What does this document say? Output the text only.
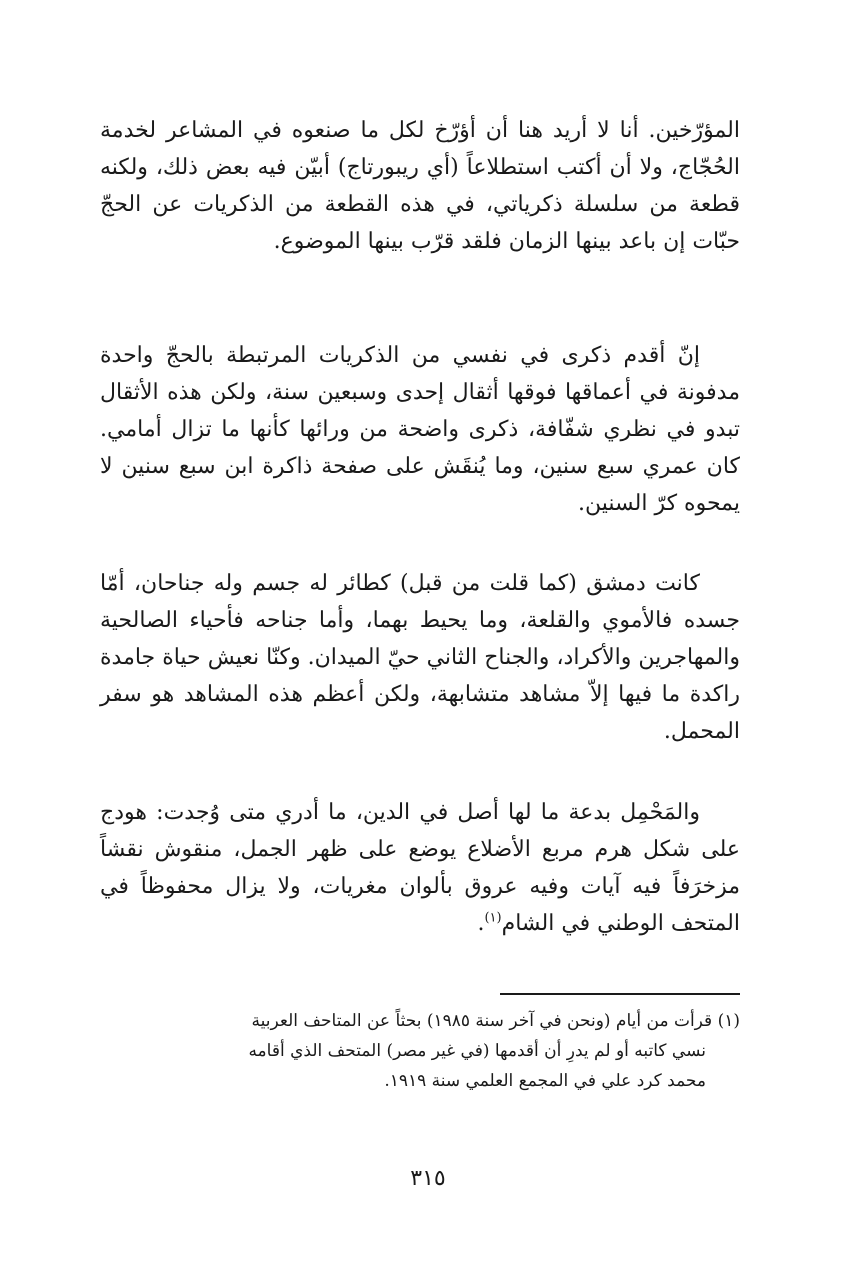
المؤرّخين. أنا لا أريد هنا أن أؤرّخ لكل ما صنعوه في المشاعر لخدمة الحُجّاج، ولا أن أكتب استطلاعاً (أي ريبورتاج) أبيّن فيه بعض ذلك، ولكنه قطعة من سلسلة ذكرياتي، في هذه القطعة من الذكريات عن الحجّ حبّات إن باعد بينها الزمان فلقد قرّب بينها الموضوع.

إنّ أقدم ذكرى في نفسي من الذكريات المرتبطة بالحجّ واحدة مدفونة في أعماقها فوقها أثقال إحدى وسبعين سنة، ولكن هذه الأثقال تبدو في نظري شفّافة، ذكرى واضحة من ورائها كأنها ما تزال أمامي. كان عمري سبع سنين، وما يُنقَش على صفحة ذاكرة ابن سبع سنين لا يمحوه كرّ السنين.

كانت دمشق (كما قلت من قبل) كطائر له جسم وله جناحان، أمّا جسده فالأموي والقلعة، وما يحيط بهما، وأما جناحه فأحياء الصالحية والمهاجرين والأكراد، والجناح الثاني حيّ الميدان. وكنّا نعيش حياة جامدة راكدة ما فيها إلاّ مشاهد متشابهة، ولكن أعظم هذه المشاهد هو سفر المحمل.

والمَحْمِل بدعة ما لها أصل في الدين، ما أدري متى وُجدت: هودج على شكل هرم مربع الأضلاع يوضع على ظهر الجمل، منقوش نقشاً مزخرَفاً فيه آيات وفيه عروق بألوان مغريات، ولا يزال محفوظاً في المتحف الوطني في الشام$^{(١)}$.

(١) قرأت من أيام (ونحن في آخر سنة ١٩٨٥) بحثاً عن المتاحف العربية
نسي كاتبه أو لم يدرِ أن أقدمها (في غير مصر) المتحف الذي أقامه
محمد كرد علي في المجمع العلمي سنة ١٩١٩.
٣١٥
